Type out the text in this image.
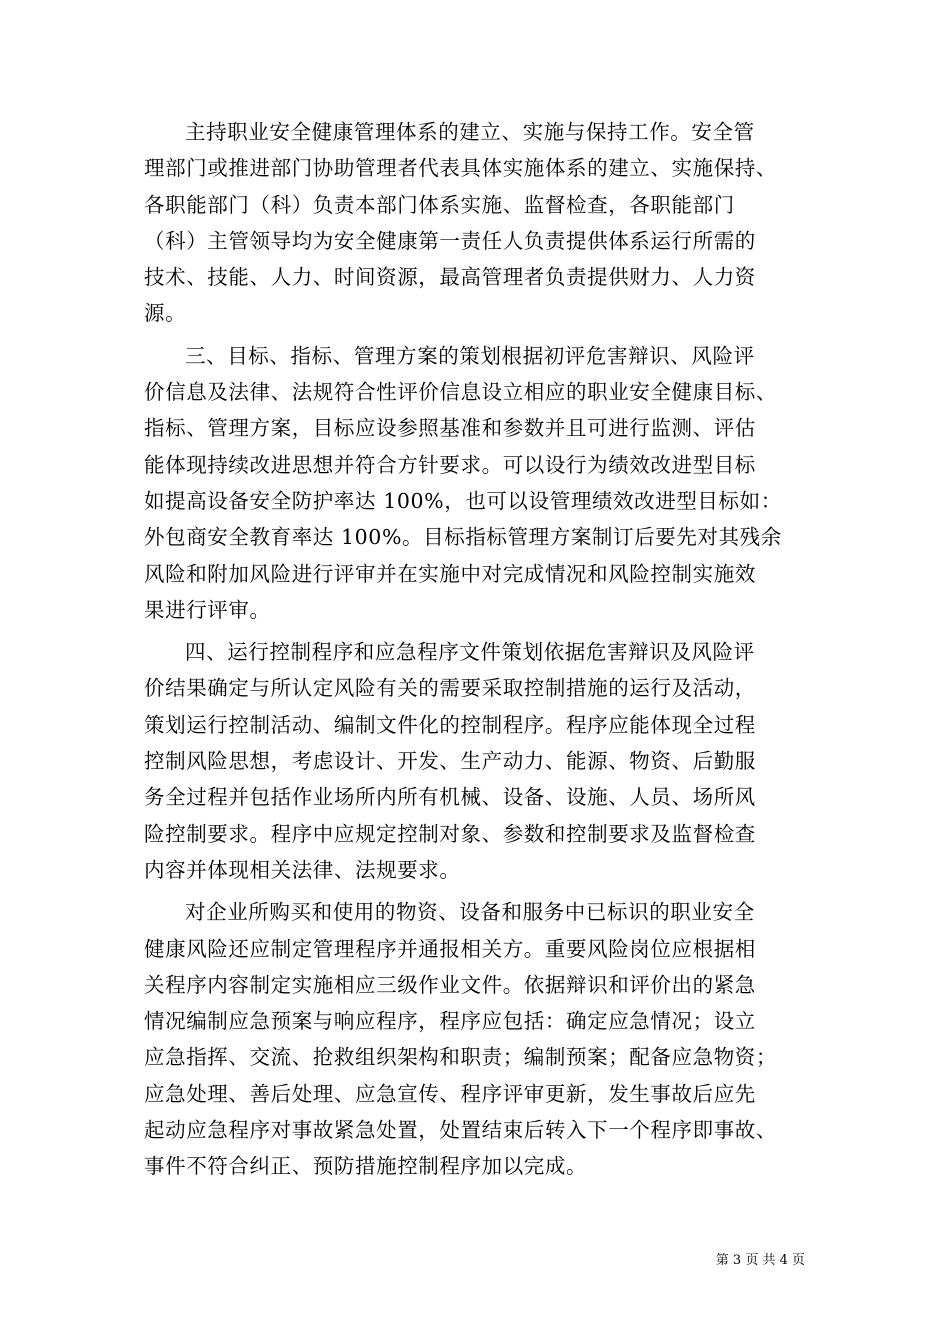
主持职业安全健康管理体系的建立、实施与保持工作。安全管
理部门或推进部门协助管理者代表具体实施体系的建立、实施保持、
各职能部门（科）负责本部门体系实施、监督检查，各职能部门
（科）主管领导均为安全健康第一责任人负责提供体系运行所需的
技术、技能、人力、时间资源，最高管理者负责提供财力、人力资
源。
三、目标、指标、管理方案的策划根据初评危害辩识、风险评
价信息及法律、法规符合性评价信息设立相应的职业安全健康目标、
指标、管理方案，目标应设参照基准和参数并且可进行监测、评估
能体现持续改进思想并符合方针要求。可以设行为绩效改进型目标
如提高设备安全防护率达 100%，也可以设管理绩效改进型目标如：
外包商安全教育率达 100%。目标指标管理方案制订后要先对其残余
风险和附加风险进行评审并在实施中对完成情况和风险控制实施效
果进行评审。
四、运行控制程序和应急程序文件策划依据危害辩识及风险评
价结果确定与所认定风险有关的需要采取控制措施的运行及活动，
策划运行控制活动、编制文件化的控制程序。程序应能体现全过程
控制风险思想，考虑设计、开发、生产动力、能源、物资、后勤服
务全过程并包括作业场所内所有机械、设备、设施、人员、场所风
险控制要求。程序中应规定控制对象、参数和控制要求及监督检查
内容并体现相关法律、法规要求。
对企业所购买和使用的物资、设备和服务中已标识的职业安全
健康风险还应制定管理程序并通报相关方。重要风险岗位应根据相
关程序内容制定实施相应三级作业文件。依据辩识和评价出的紧急
情况编制应急预案与响应程序，程序应包括：确定应急情况；设立
应急指挥、交流、抢救组织架构和职责；编制预案；配备应急物资；
应急处理、善后处理、应急宣传、程序评审更新，发生事故后应先
起动应急程序对事故紧急处置，处置结束后转入下一个程序即事故、
事件不符合纠正、预防措施控制程序加以完成。
第 3 页 共 4 页
